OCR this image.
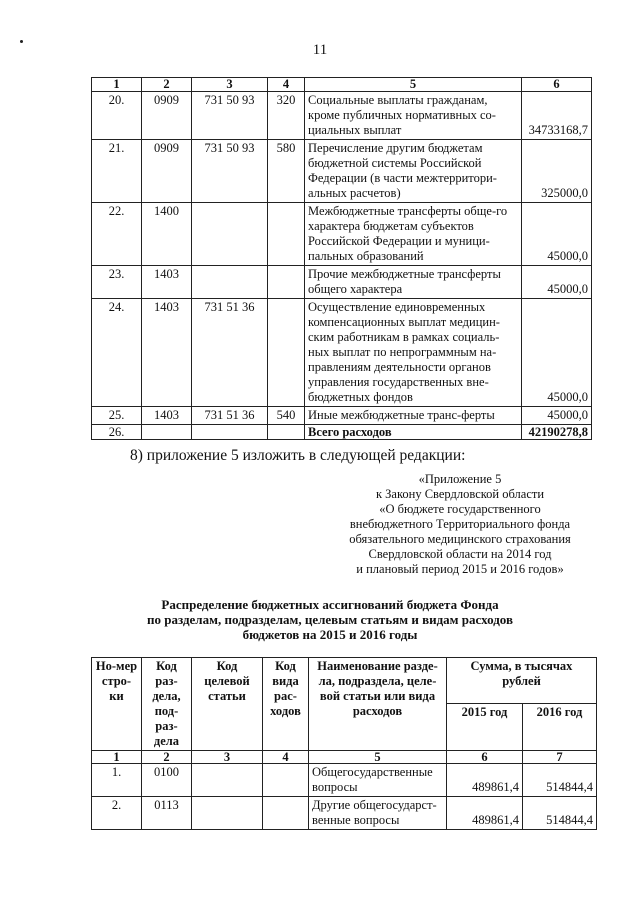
11
1	2	3	4	5	6
20.	0909	731 50 93	320	Социальные выплаты гражданам, кроме публичных нормативных со-циальных выплат	34733168,7
21.	0909	731 50 93	580	Перечисление другим бюджетам бюджетной системы Российской Федерации (в части межтерритори-альных расчетов)	325000,0
22.	1400			Межбюджетные трансферты обще-го характера бюджетам субъектов Российской Федерации и муници-пальных образований	45000,0
23.	1403			Прочие межбюджетные трансферты общего характера	45000,0
24.	1403	731 51 36		Осуществление единовременных компенсационных выплат медицин-ским работникам в рамках социаль-ных выплат по непрограммным на-правлениям деятельности органов управления государственных вне-бюджетных фондов	45000,0
25.	1403	731 51 36	540	Иные межбюджетные транс-ферты	45000,0
26.				Всего расходов	42190278,8
8) приложение 5 изложить в следующей редакции:
«Приложение 5
к Закону Свердловской области
«О бюджете государственного
внебюджетного Территориального фонда
обязательного медицинского страхования
Свердловской области на 2014 год
и плановый период 2015 и 2016 годов»
Распределение бюджетных ассигнований бюджета Фонда
по разделам, подразделам, целевым статьям и видам расходов
бюджетов на 2015 и 2016 годы
Но-мер стро-ки	Код раз-дела, под-раз-дела	Код целевой статьи	Код вида рас-ходов	Наименование разде-ла, подраздела, целе-вой статьи или вида расходов	Сумма, в тысячах рублей	
					2015 год	2016 год
1	2	3	4	5	6	7
1.	0100			Общегосударственные вопросы	489861,4	514844,4
2.	0113			Другие общегосударст-венные вопросы	489861,4	514844,4
